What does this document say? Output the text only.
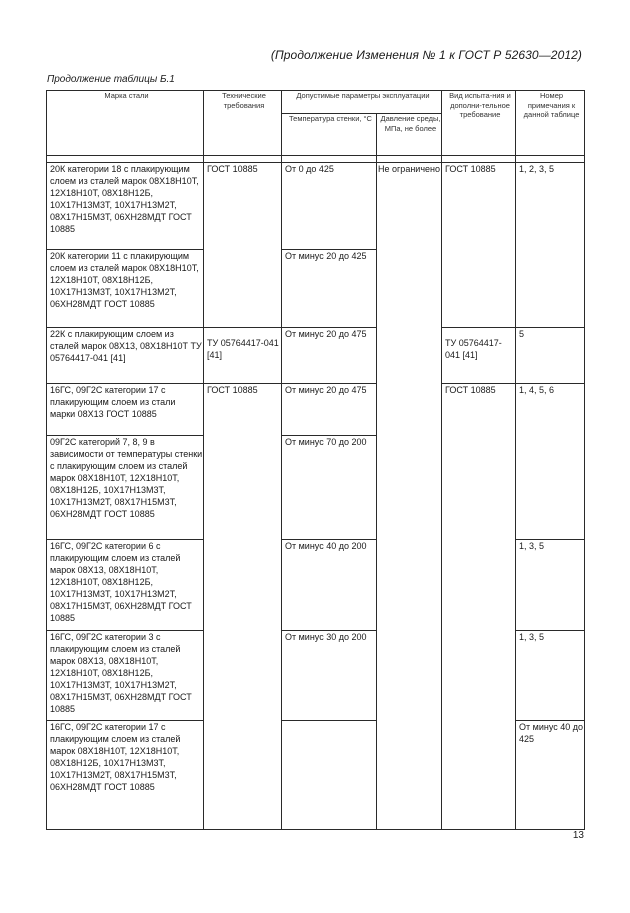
(Продолжение Изменения № 1 к ГОСТ Р 52630—2012)
Продолжение таблицы Б.1
Марка стали	Технические требования	Допустимые параметры эксплуатации		Вид испыта-ния и дополни-тельное требование	Номер примечания к данной таблице	
		Температура стенки, °С	Давление среды, МПа, не более			

20К категории 18 с плакирующим слоем из сталей марок 08Х18Н10Т, 12Х18Н10Т, 08Х18Н12Б, 10Х17Н13М3Т, 10Х17Н13М2Т, 08Х17Н15М3Т, 06ХН28МДТ ГОСТ 10885	ГОСТ 10885	От 0 до 425	Не ограничено	ГОСТ 10885	1, 2, 3, 5	
20К категории 11 с плакирующим слоем из сталей марок 08Х18Н10Т, 12Х18Н10Т, 08Х18Н12Б, 10Х17Н13М3Т, 10Х17Н13М2Т, 06ХН28МДТ ГОСТ 10885		От минус 20 до 425				
22К с плакирующим слоем из сталей марок 08Х13, 08Х18Н10Т ТУ 05764417-041 [41]	ТУ 05764417-041 [41]	От минус 20 до 475		ТУ 05764417-041 [41]	5	
16ГС, 09Г2С категории 17 с плакирующим слоем из стали марки 08Х13 ГОСТ 10885	ГОСТ 10885	От минус 20 до 475		ГОСТ 10885	1, 4, 5, 6	
09Г2С категорий 7, 8, 9 в зависимости от температуры стенки с плакирующим слоем из сталей марок 08Х18Н10Т, 12Х18Н10Т, 08Х18Н12Б, 10Х17Н13М3Т, 10Х17Н13М2Т, 08Х17Н15М3Т, 06ХН28МДТ ГОСТ 10885		От минус 70 до 200				
16ГС, 09Г2С категории 6 с плакирующим слоем из сталей марок 08Х13, 08Х18Н10Т, 12Х18Н10Т, 08Х18Н12Б, 10Х17Н13М3Т, 10Х17Н13М2Т, 08Х17Н15М3Т, 06ХН28МДТ ГОСТ 10885		От минус 40 до 200			1, 3, 5	
16ГС, 09Г2С категории 3 с плакирующим слоем из сталей марок 08Х13, 08Х18Н10Т, 12Х18Н10Т, 08Х18Н12Б, 10Х17Н13М3Т, 10Х17Н13М2Т, 08Х17Н15М3Т, 06ХН28МДТ ГОСТ 10885		От минус 30 до 200			1, 3, 5	
16ГС, 09Г2С категории 17 с плакирующим слоем из сталей марок 08Х18Н10Т, 12Х18Н10Т, 08Х18Н12Б, 10Х17Н13М3Т, 10Х17Н13М2Т, 08Х17Н15М3Т, 06ХН28МДТ ГОСТ 10885					От минус 40 до 425		
13
